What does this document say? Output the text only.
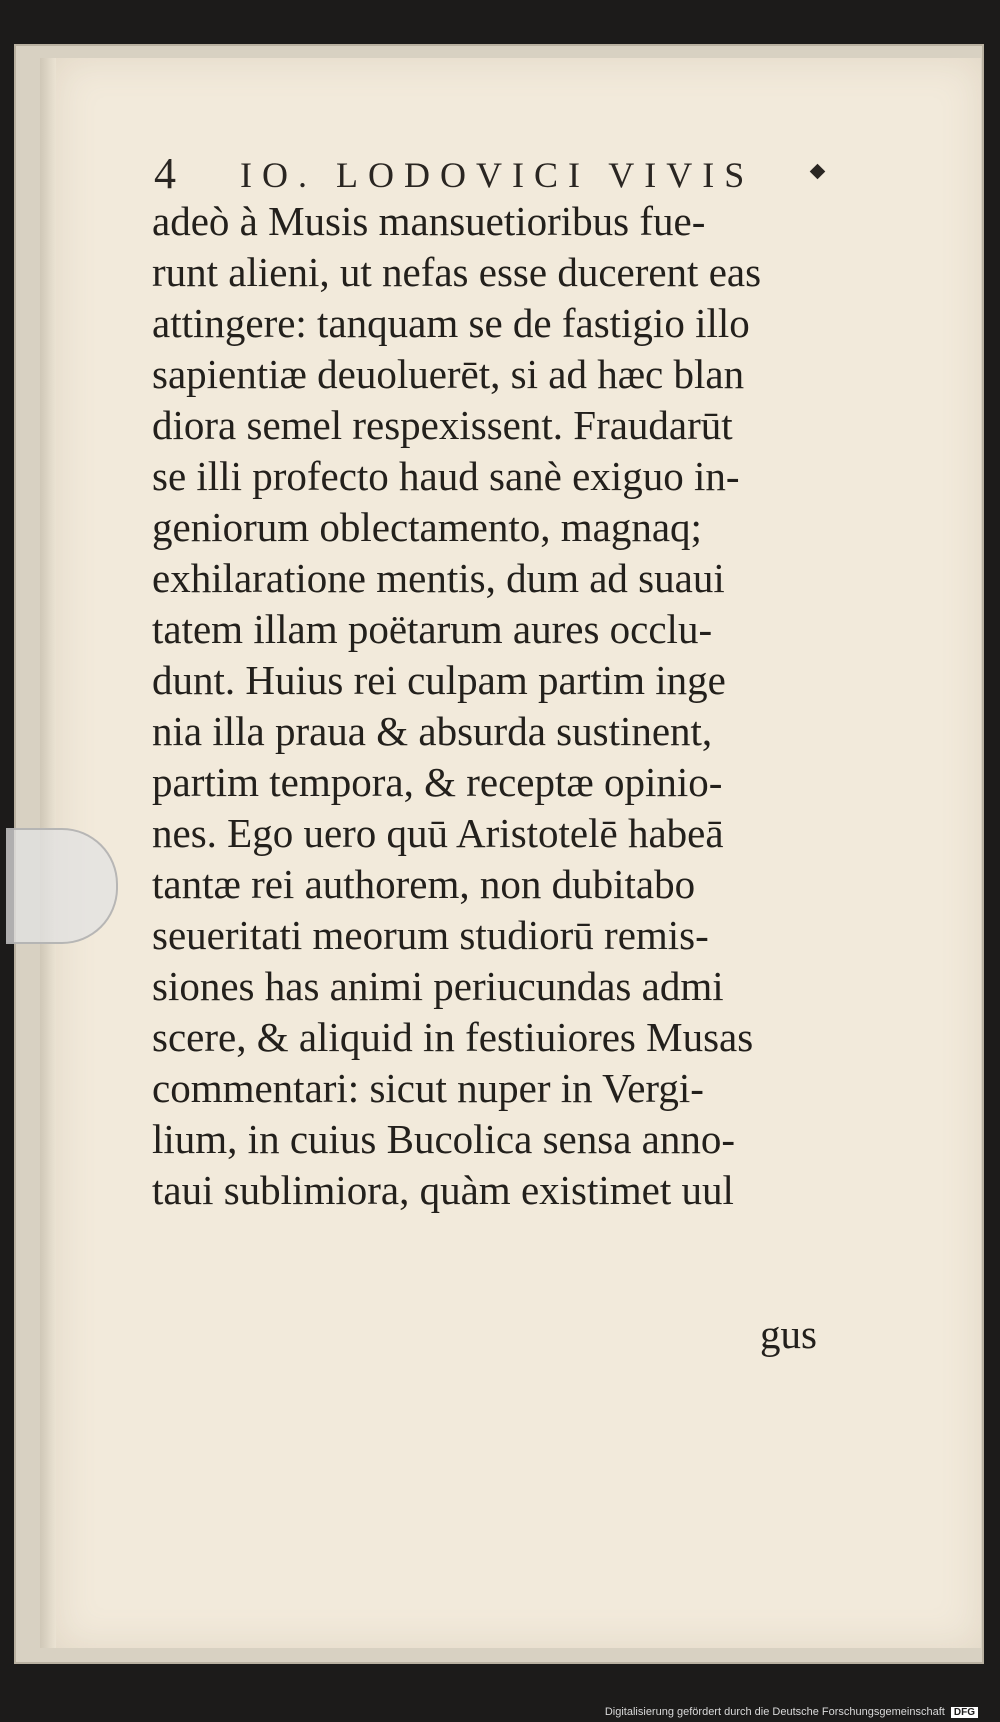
4 IO. LODOVICI VIVIS
adeò à Musis mansuetioribus fue-
runt alieni, ut nefas esse ducerent eas
attingere: tanquam se de fastigio illo
sapientiæ deuoluerēt, si ad hæc blan
diora semel respexissent. Fraudarūt
se illi profecto haud sanè exiguo in-
geniorum oblectamento, magnaq;
exhilaratione mentis, dum ad suaui
tatem illam poëtarum aures occlu-
dunt. Huius rei culpam partim inge
nia illa praua & absurda sustinent,
partim tempora, & receptæ opinio-
nes. Ego uero quū Aristotelē habeā
tantæ rei authorem, non dubitabo
seueritati meorum studiorū remis-
siones has animi periucundas admi
scere, & aliquid in festiuiores Musas
commentari: sicut nuper in Vergi-
lium, in cuius Bucolica sensa anno-
taui sublimiora, quàm existimet uul
gus
Digitalisierung gefördert durch die Deutsche Forschungsgemeinschaft DFG
